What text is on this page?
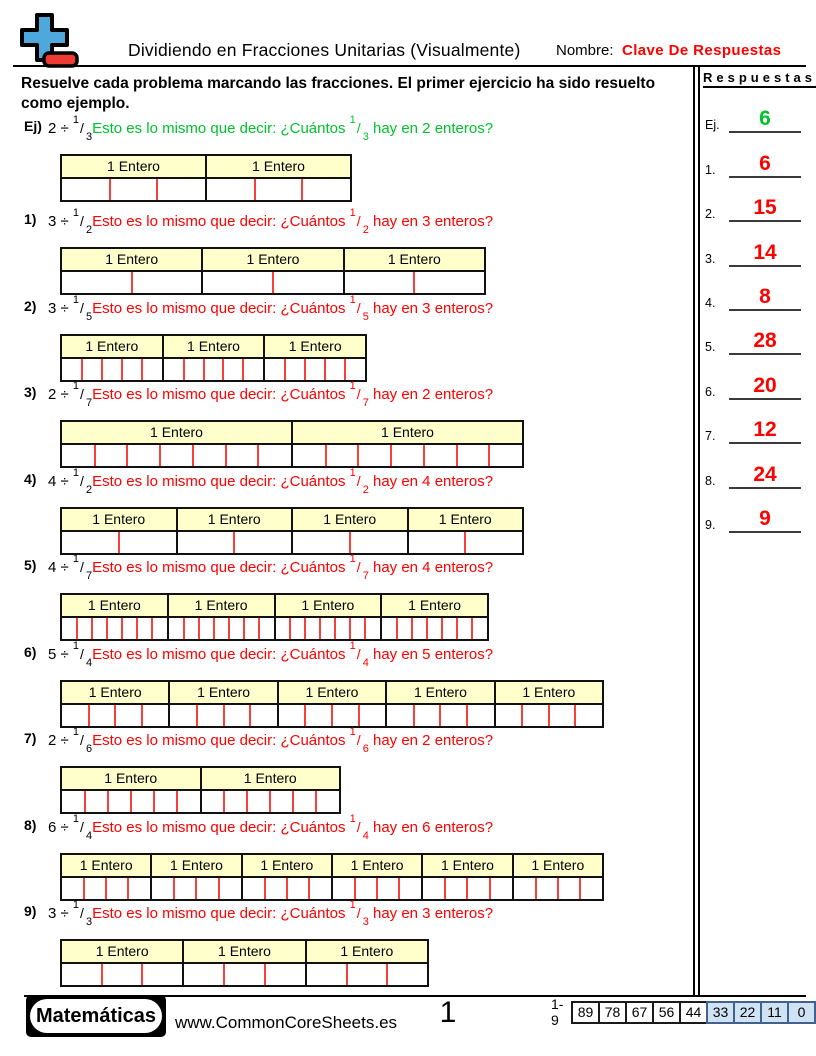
Dividiendo en Fracciones Unitarias (Visualmente) Nombre: Clave De Respuestas
Resuelve cada problema marcando las fracciones. El primer ejercicio ha sido resuelto como ejemplo.
Ej) $2 \div ^1/_3Esto$ es lo mismo que decir: ¿Cuántos $^1/_3$ hay en 2 enteros?
1 Entero	1 Entero
1) $3 \div ^1/_2Esto$ es lo mismo que decir: ¿Cuántos $^1/_2$ hay en 3 enteros?
1 Entero	1 Entero	1 Entero
2) $3 \div ^1/_5Esto$ es lo mismo que decir: ¿Cuántos $^1/_5$ hay en 3 enteros?
1 Entero	1 Entero	1 Entero
3) $2 \div ^1/_7Esto$ es lo mismo que decir: ¿Cuántos $^1/_7$ hay en 2 enteros?
1 Entero	1 Entero
4) $4 \div ^1/_2Esto$ es lo mismo que decir: ¿Cuántos $^1/_2$ hay en 4 enteros?
1 Entero	1 Entero	1 Entero	1 Entero
5) $4 \div ^1/_7Esto$ es lo mismo que decir: ¿Cuántos $^1/_7$ hay en 4 enteros?
1 Entero	1 Entero	1 Entero	1 Entero
6) $5 \div ^1/_4Esto$ es lo mismo que decir: ¿Cuántos $^1/_4$ hay en 5 enteros?
1 Entero	1 Entero	1 Entero	1 Entero	1 Entero
7) $2 \div ^1/_6Esto$ es lo mismo que decir: ¿Cuántos $^1/_6$ hay en 2 enteros?
1 Entero	1 Entero
8) $6 \div ^1/_4Esto$ es lo mismo que decir: ¿Cuántos $^1/_4$ hay en 6 enteros?
1 Entero	1 Entero	1 Entero	1 Entero	1 Entero	1 Entero
9) $3 \div ^1/_3Esto$ es lo mismo que decir: ¿Cuántos $^1/_3$ hay en 3 enteros?
1 Entero	1 Entero	1 Entero
Respuestas
Ej.	6
1.	6
2.	15
3.	14
4.	8
5.	28
6.	20
7.	12
8.	24
9.	9
Matemáticas	www.CommonCoreSheets.es	1	1-9
89 78 67 56 44 33 22 11	0
